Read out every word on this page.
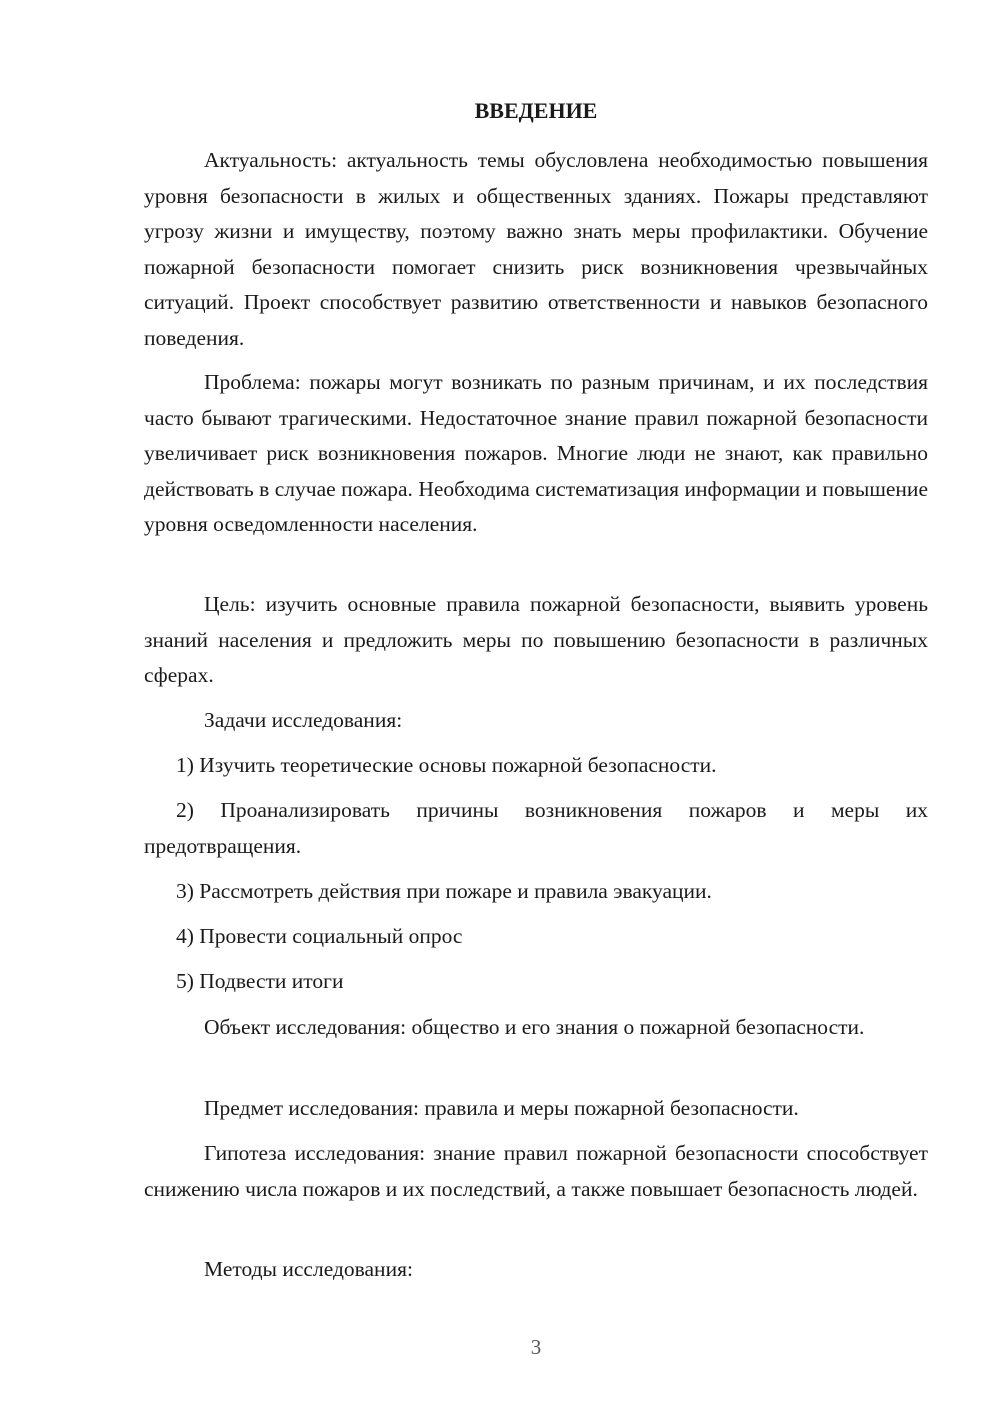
ВВЕДЕНИЕ

Актуальность: актуальность темы обусловлена необходимостью повышения уровня безопасности в жилых и общественных зданиях. Пожары представляют угрозу жизни и имуществу, поэтому важно знать меры профилактики. Обучение пожарной безопасности помогает снизить риск возникновения чрезвычайных ситуаций. Проект способствует развитию ответственности и навыков безопасного поведения.

Проблема: пожары могут возникать по разным причинам, и их последствия часто бывают трагическими. Недостаточное знание правил пожарной безопасности увеличивает риск возникновения пожаров. Многие люди не знают, как правильно действовать в случае пожара. Необходима систематизация информации и повышение уровня осведомленности населения.

Цель: изучить основные правила пожарной безопасности, выявить уровень знаний населения и предложить меры по повышению безопасности в различных сферах.

Задачи исследования:

1) Изучить теоретические основы пожарной безопасности.

2) Проанализировать причины возникновения пожаров и меры их предотвращения.

3) Рассмотреть действия при пожаре и правила эвакуации.

4) Провести социальный опрос

5) Подвести итоги

Объект исследования: общество и его знания о пожарной безопасности.

Предмет исследования: правила и меры пожарной безопасности.

Гипотеза исследования: знание правил пожарной безопасности способствует снижению числа пожаров и их последствий, а также повышает безопасность людей.

Методы исследования:

3
